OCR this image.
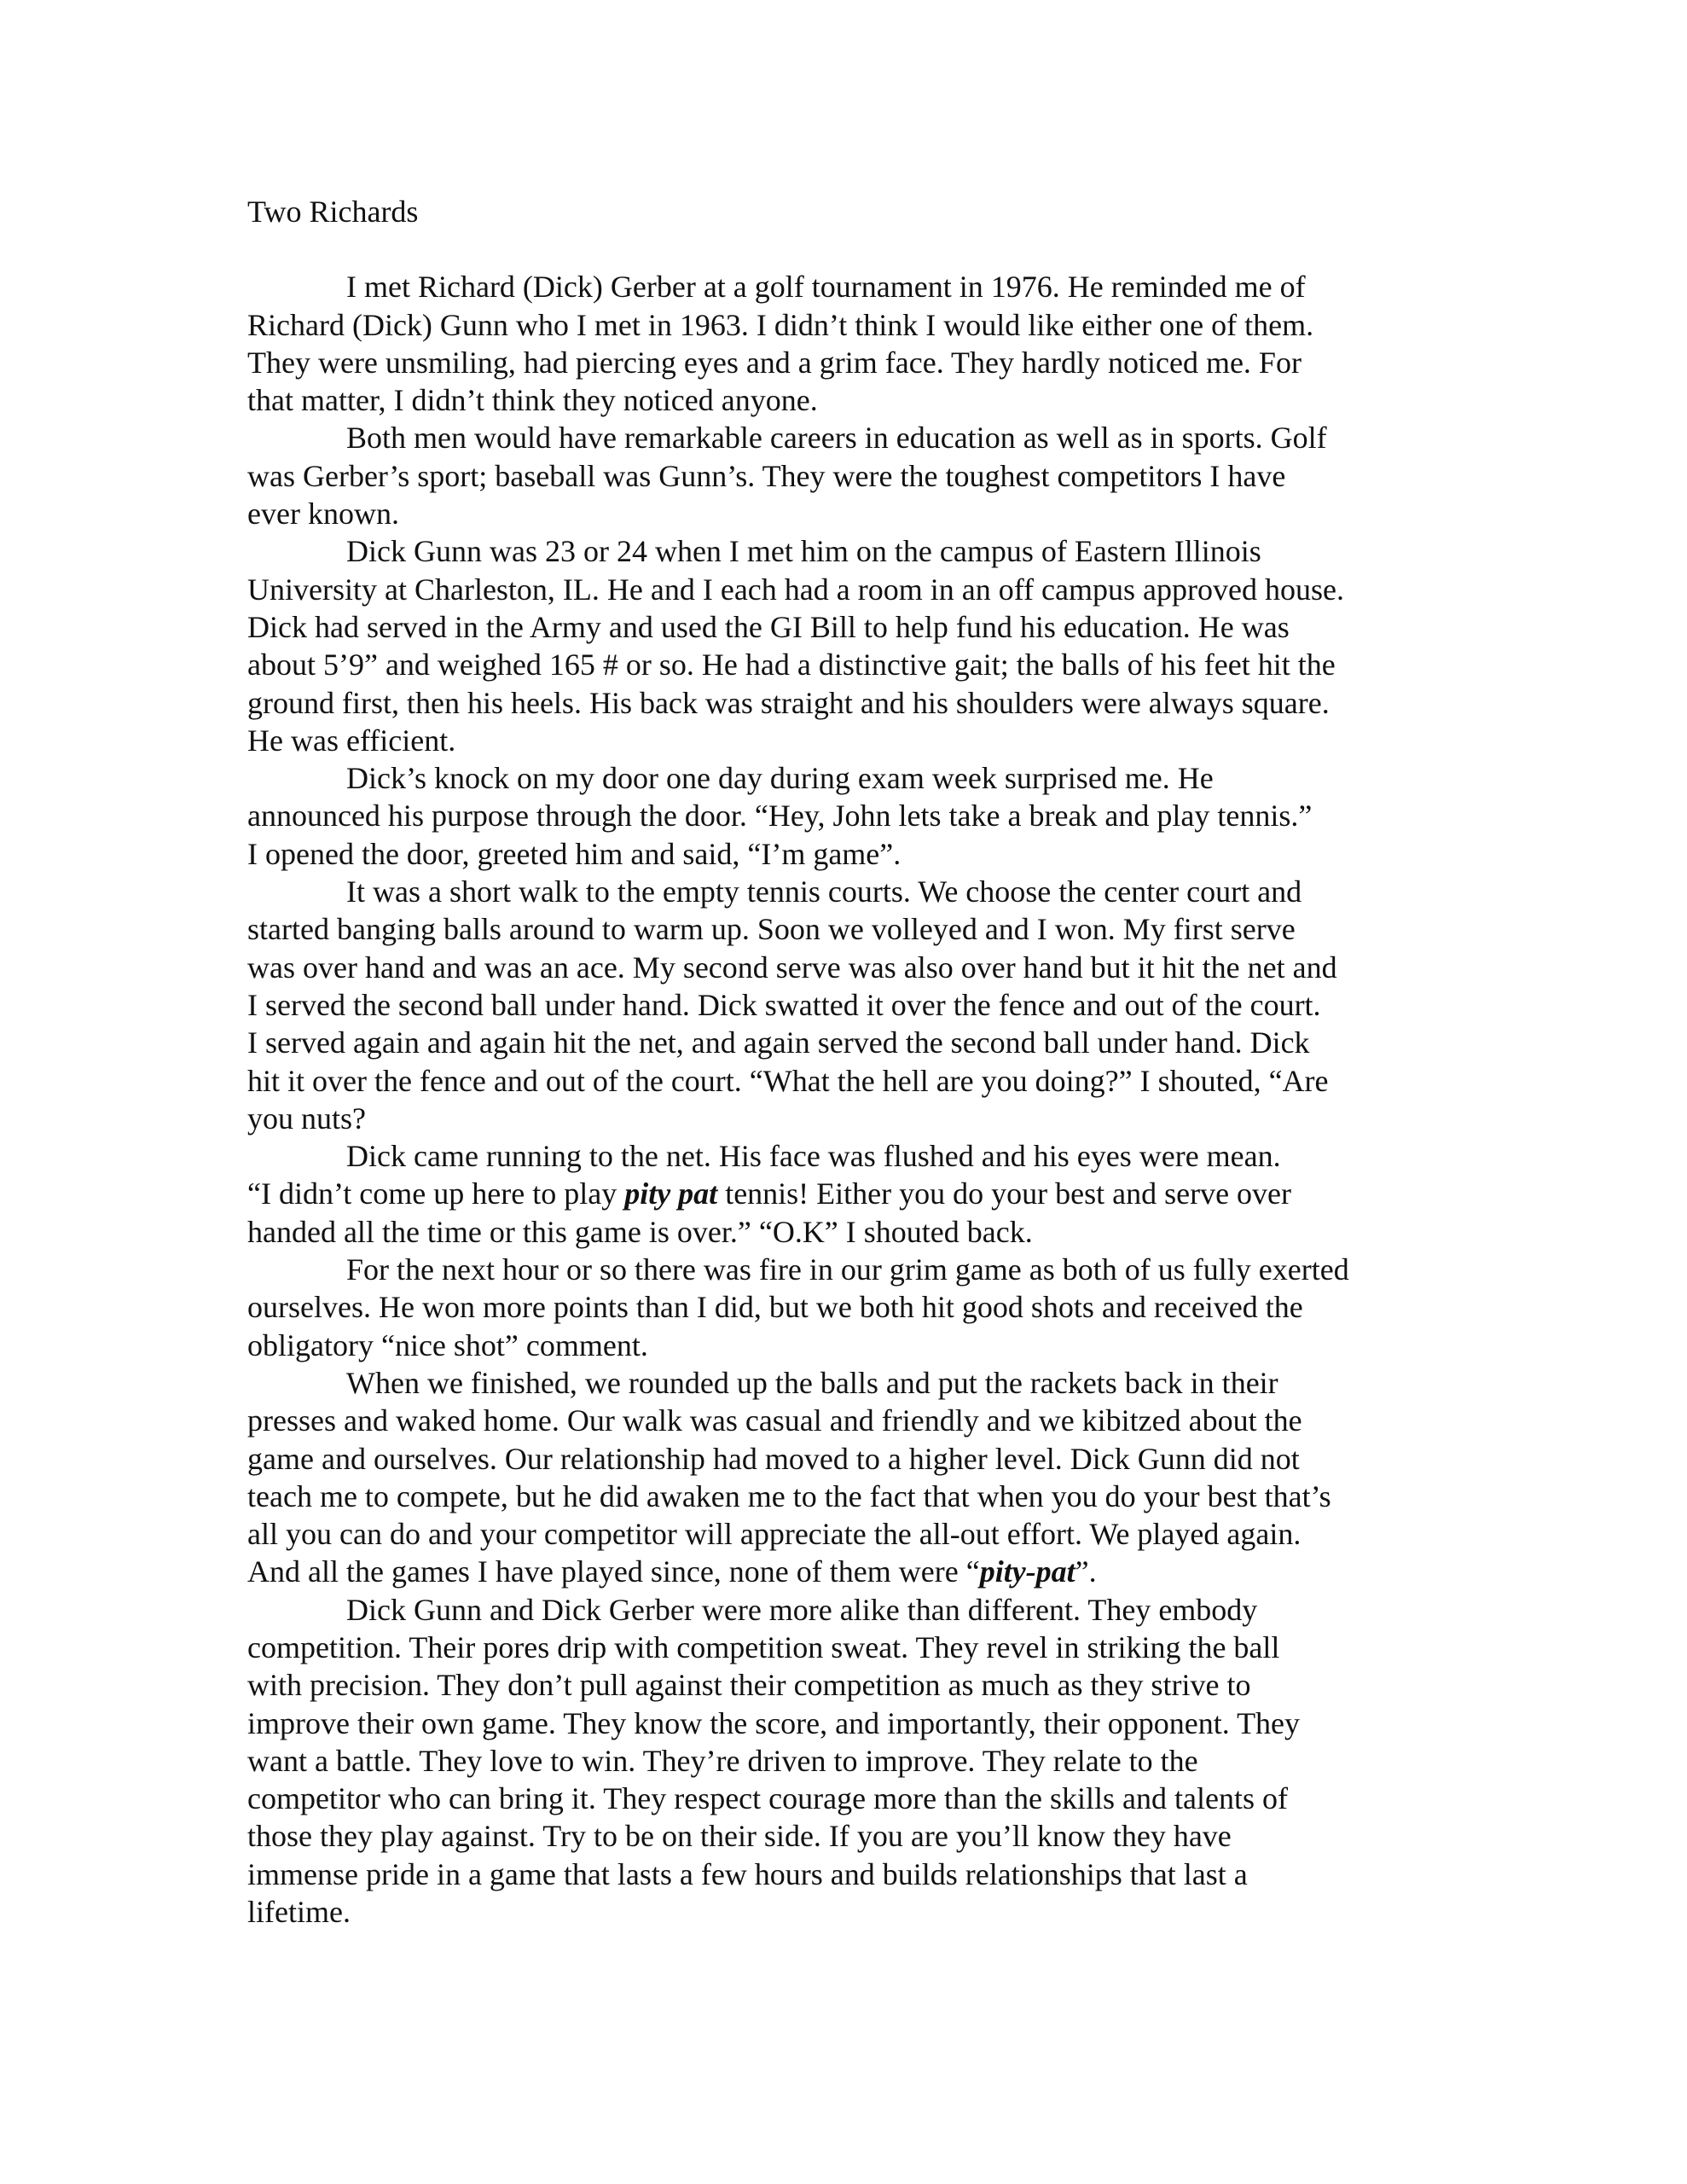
Two Richards
I met Richard (Dick) Gerber at a golf tournament in 1976. He reminded me of
Richard (Dick) Gunn who I met in 1963. I didn’t think I would like either one of them.
They were unsmiling, had piercing eyes and a grim face. They hardly noticed me. For
that matter, I didn’t think they noticed anyone.
Both men would have remarkable careers in education as well as in sports. Golf
was Gerber’s sport; baseball was Gunn’s. They were the toughest competitors I have
ever known.
Dick Gunn was 23 or 24 when I met him on the campus of Eastern Illinois
University at Charleston, IL. He and I each had a room in an off campus approved house.
Dick had served in the Army and used the GI Bill to help fund his education. He was
about 5’9” and weighed 165 # or so. He had a distinctive gait; the balls of his feet hit the
ground first, then his heels. His back was straight and his shoulders were always square.
He was efficient.
Dick’s knock on my door one day during exam week surprised me. He
announced his purpose through the door. “Hey, John lets take a break and play tennis.”
I opened the door, greeted him and said, “I’m game”.
It was a short walk to the empty tennis courts. We choose the center court and
started banging balls around to warm up. Soon we volleyed and I won. My first serve
was over hand and was an ace. My second serve was also over hand but it hit the net and
I served the second ball under hand. Dick swatted it over the fence and out of the court.
I served again and again hit the net, and again served the second ball under hand. Dick
hit it over the fence and out of the court. “What the hell are you doing?” I shouted, “Are
you nuts?
Dick came running to the net. His face was flushed and his eyes were mean.
“I didn’t come up here to play pity pat tennis! Either you do your best and serve over
handed all the time or this game is over.” “O.K” I shouted back.
For the next hour or so there was fire in our grim game as both of us fully exerted
ourselves. He won more points than I did, but we both hit good shots and received the
obligatory “nice shot” comment.
When we finished, we rounded up the balls and put the rackets back in their
presses and waked home. Our walk was casual and friendly and we kibitzed about the
game and ourselves. Our relationship had moved to a higher level. Dick Gunn did not
teach me to compete, but he did awaken me to the fact that when you do your best that’s
all you can do and your competitor will appreciate the all-out effort. We played again.
And all the games I have played since, none of them were “pity-pat”.
Dick Gunn and Dick Gerber were more alike than different. They embody
competition. Their pores drip with competition sweat. They revel in striking the ball
with precision. They don’t pull against their competition as much as they strive to
improve their own game. They know the score, and importantly, their opponent. They
want a battle. They love to win. They’re driven to improve. They relate to the
competitor who can bring it. They respect courage more than the skills and talents of
those they play against. Try to be on their side. If you are you’ll know they have
immense pride in a game that lasts a few hours and builds relationships that last a
lifetime.
